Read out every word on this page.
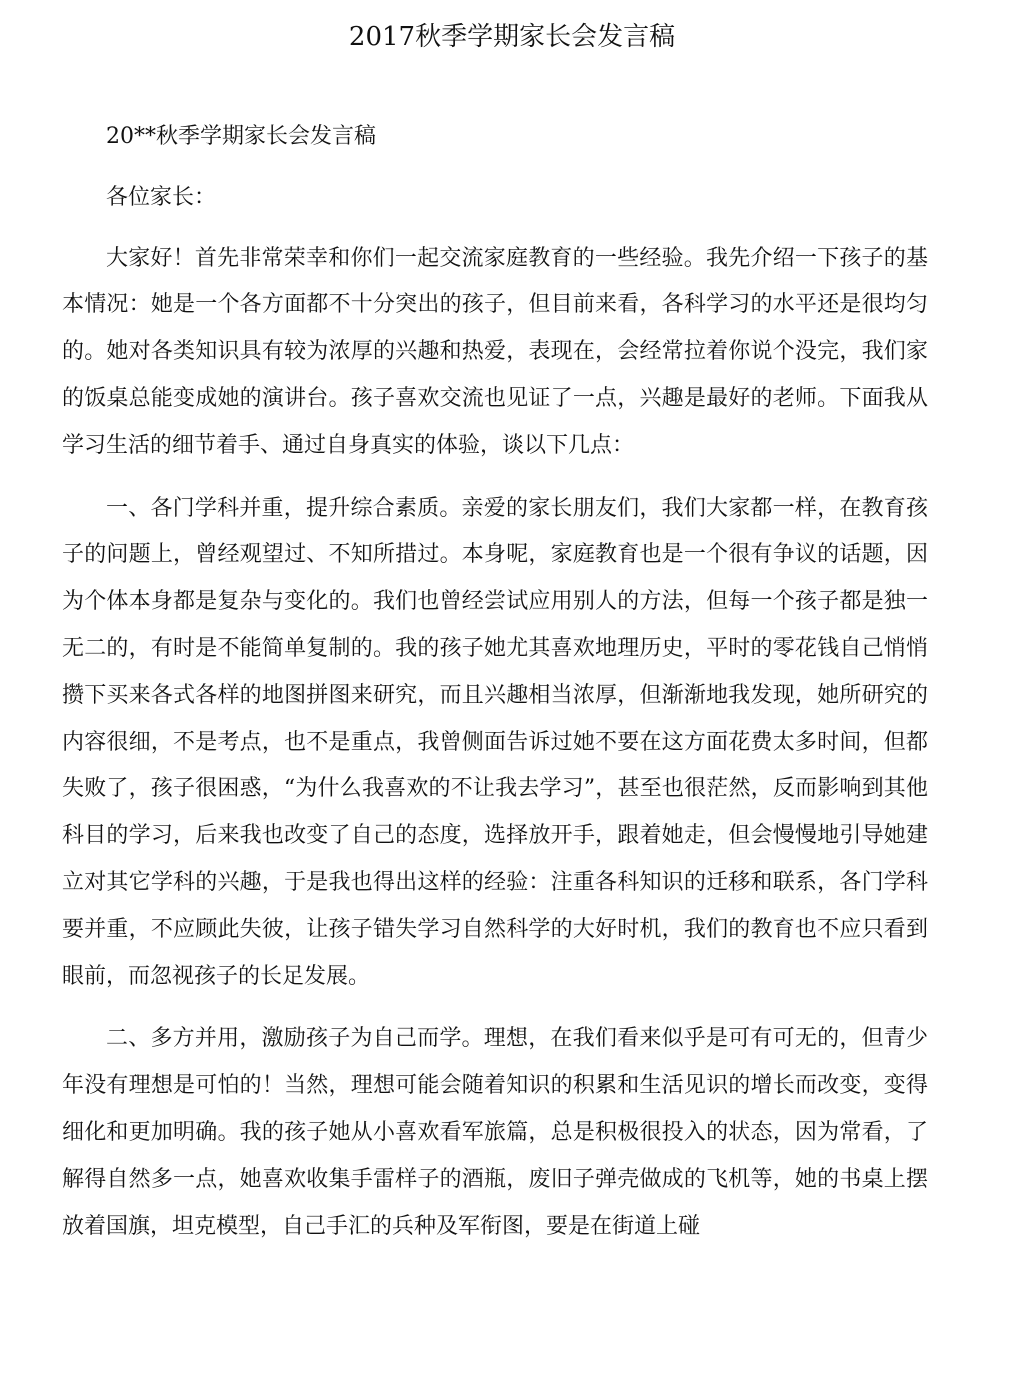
2017秋季学期家长会发言稿

20**秋季学期家长会发言稿

各位家长：

大家好！首先非常荣幸和你们一起交流家庭教育的一些经验。我先介绍一下孩子的基本情况：她是一个各方面都不十分突出的孩子，但目前来看，各科学习的水平还是很均匀的。她对各类知识具有较为浓厚的兴趣和热爱，表现在，会经常拉着你说个没完，我们家的饭桌总能变成她的演讲台。孩子喜欢交流也见证了一点，兴趣是最好的老师。下面我从学习生活的细节着手、通过自身真实的体验，谈以下几点：

一、各门学科并重，提升综合素质。亲爱的家长朋友们，我们大家都一样，在教育孩子的问题上，曾经观望过、不知所措过。本身呢，家庭教育也是一个很有争议的话题，因为个体本身都是复杂与变化的。我们也曾经尝试应用别人的方法，但每一个孩子都是独一无二的，有时是不能简单复制的。我的孩子她尤其喜欢地理历史，平时的零花钱自己悄悄攒下买来各式各样的地图拼图来研究，而且兴趣相当浓厚，但渐渐地我发现，她所研究的内容很细，不是考点，也不是重点，我曾侧面告诉过她不要在这方面花费太多时间，但都失败了，孩子很困惑，“为什么我喜欢的不让我去学习”，甚至也很茫然，反而影响到其他科目的学习，后来我也改变了自己的态度，选择放开手，跟着她走，但会慢慢地引导她建立对其它学科的兴趣，于是我也得出这样的经验：注重各科知识的迁移和联系，各门学科要并重，不应顾此失彼，让孩子错失学习自然科学的大好时机，我们的教育也不应只看到眼前，而忽视孩子的长足发展。

二、多方并用，激励孩子为自己而学。理想，在我们看来似乎是可有可无的，但青少年没有理想是可怕的！当然，理想可能会随着知识的积累和生活见识的增长而改变，变得细化和更加明确。我的孩子她从小喜欢看军旅篇，总是积极很投入的状态，因为常看，了解得自然多一点，她喜欢收集手雷样子的酒瓶，废旧子弹壳做成的飞机等，她的书桌上摆放着国旗，坦克模型，自己手汇的兵种及军衔图，要是在街道上碰
